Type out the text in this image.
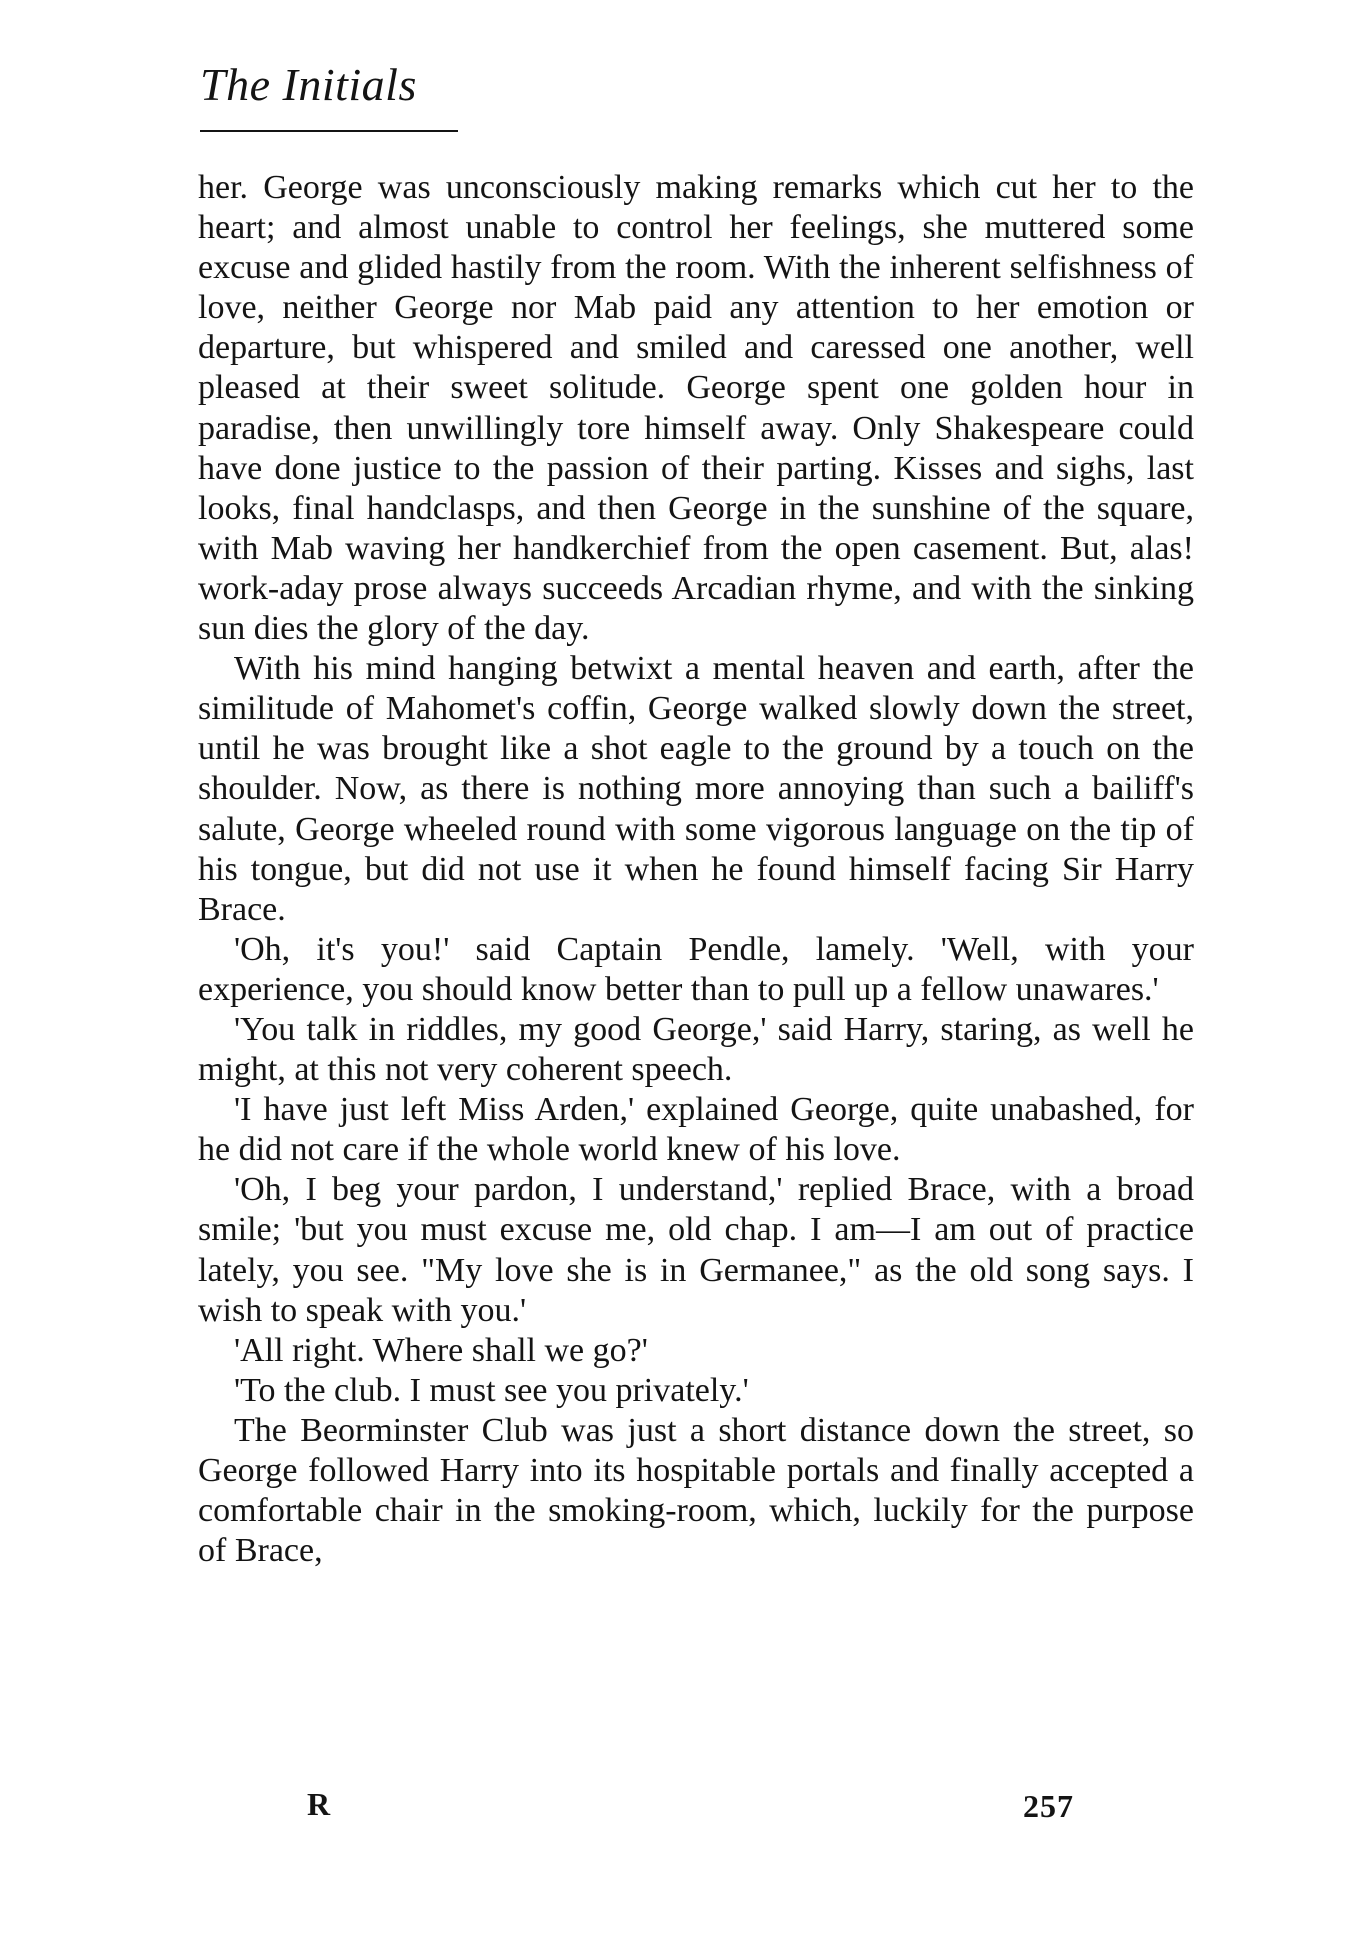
The Initials

her. George was unconsciously making remarks which cut her to the heart; and almost unable to control her feelings, she muttered some excuse and glided hastily from the room. With the inherent selfishness of love, neither George nor Mab paid any attention to her emotion or departure, but whispered and smiled and caressed one another, well pleased at their sweet solitude. George spent one golden hour in paradise, then unwillingly tore himself away. Only Shakespeare could have done justice to the passion of their parting. Kisses and sighs, last looks, final handclasps, and then George in the sunshine of the square, with Mab waving her handkerchief from the open casement. But, alas! work-aday prose always succeeds Arcadian rhyme, and with the sinking sun dies the glory of the day.

With his mind hanging betwixt a mental heaven and earth, after the similitude of Mahomet's coffin, George walked slowly down the street, until he was brought like a shot eagle to the ground by a touch on the shoulder. Now, as there is nothing more annoying than such a bailiff's salute, George wheeled round with some vigorous language on the tip of his tongue, but did not use it when he found himself facing Sir Harry Brace.

'Oh, it's you!' said Captain Pendle, lamely. 'Well, with your experience, you should know better than to pull up a fellow unawares.'

'You talk in riddles, my good George,' said Harry, staring, as well he might, at this not very coherent speech.

'I have just left Miss Arden,' explained George, quite unabashed, for he did not care if the whole world knew of his love.

'Oh, I beg your pardon, I understand,' replied Brace, with a broad smile; 'but you must excuse me, old chap. I am—I am out of practice lately, you see. "My love she is in Germanee," as the old song says. I wish to speak with you.'

'All right. Where shall we go?'

'To the club. I must see you privately.'

The Beorminster Club was just a short distance down the street, so George followed Harry into its hospitable portals and finally accepted a comfortable chair in the smoking-room, which, luckily for the purpose of Brace,

R	257
